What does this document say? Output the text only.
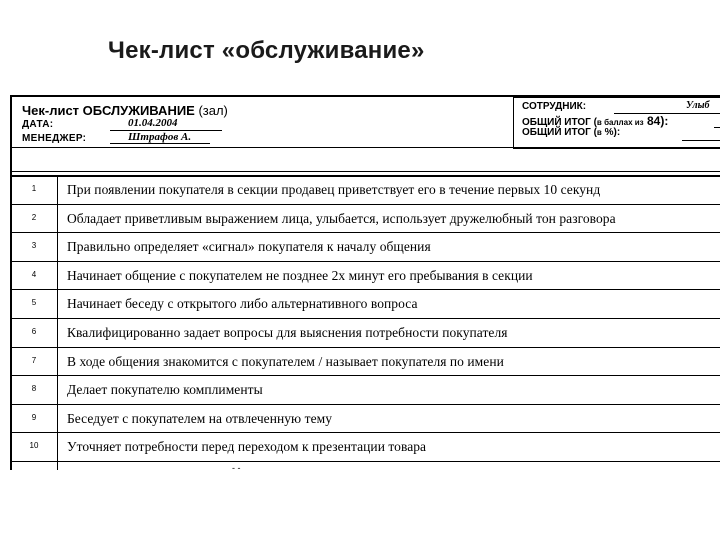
Чек-лист «обслуживание»
Чек-лист ОБСЛУЖИВАНИЕ (зал)
ДАТА:	01.04.2004
МЕНЕДЖЕР:	Штрафов А.
СОТРУДНИК:	Улыб
ОБЩИЙ ИТОГ (в баллах из 84):
ОБЩИЙ ИТОГ (в %):
1	При появлении покупателя в секции продавец приветствует его в течение первых 10 секунд
2	Обладает приветливым выражением лица, улыбается, использует дружелюбный тон разговора
3	Правильно определяет «сигнал» покупателя к началу общения
4	Начинает общение с покупателем не позднее 2х минут его пребывания в секции
5	Начинает беседу с открытого либо альтернативного вопроса
6	Квалифицированно задает вопросы для выяснения потребности покупателя
7	В ходе общения знакомится с покупателем / называет покупателя по имени
8	Делает покупателю комплименты
9	Беседует с покупателем на отвлеченную тему
10	Уточняет потребности перед переходом к презентации товара
- -
